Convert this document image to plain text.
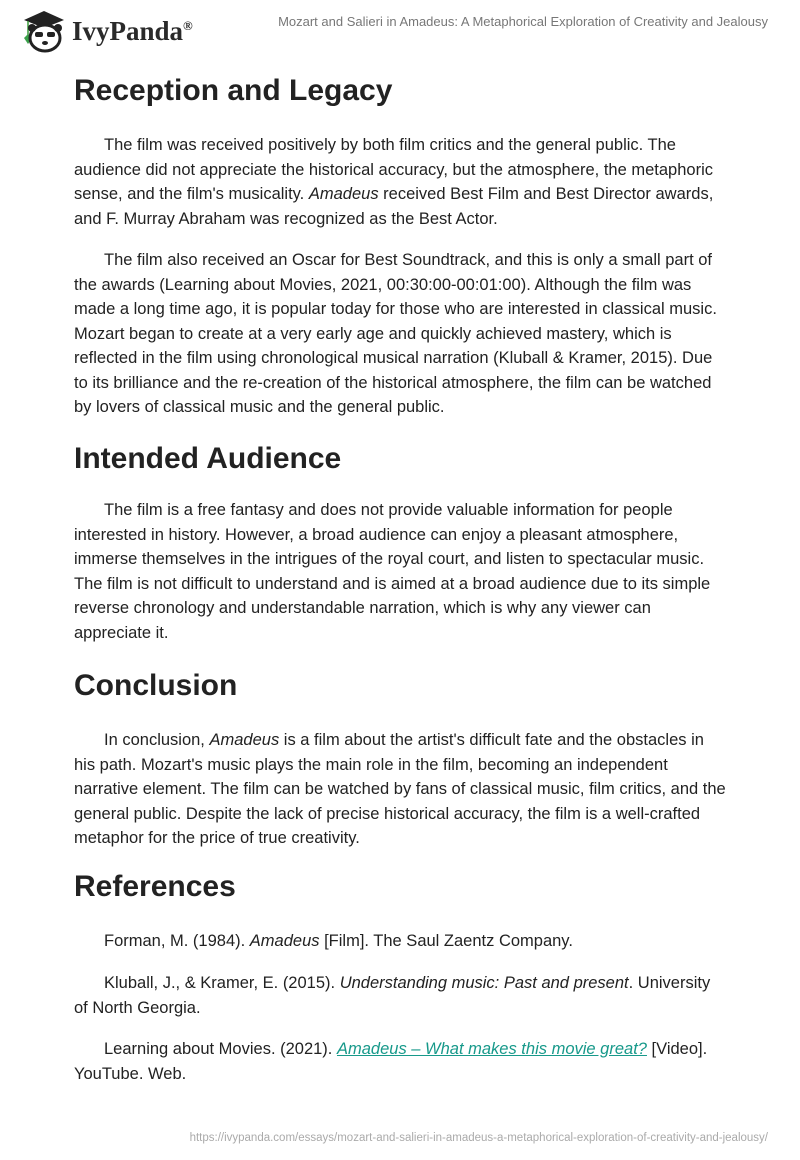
IvyPanda®	Mozart and Salieri in Amadeus: A Metaphorical Exploration of Creativity and Jealousy
Reception and Legacy

The film was received positively by both film critics and the general public. The audience did not appreciate the historical accuracy, but the atmosphere, the metaphoric sense, and the film's musicality. Amadeus received Best Film and Best Director awards, and F. Murray Abraham was recognized as the Best Actor.

The film also received an Oscar for Best Soundtrack, and this is only a small part of the awards (Learning about Movies, 2021, 00:30:00-00:01:00). Although the film was made a long time ago, it is popular today for those who are interested in classical music. Mozart began to create at a very early age and quickly achieved mastery, which is reflected in the film using chronological musical narration (Kluball & Kramer, 2015). Due to its brilliance and the re-creation of the historical atmosphere, the film can be watched by lovers of classical music and the general public.

Intended Audience

The film is a free fantasy and does not provide valuable information for people interested in history. However, a broad audience can enjoy a pleasant atmosphere, immerse themselves in the intrigues of the royal court, and listen to spectacular music. The film is not difficult to understand and is aimed at a broad audience due to its simple reverse chronology and understandable narration, which is why any viewer can appreciate it.

Conclusion

In conclusion, Amadeus is a film about the artist's difficult fate and the obstacles in his path. Mozart's music plays the main role in the film, becoming an independent narrative element. The film can be watched by fans of classical music, film critics, and the general public. Despite the lack of precise historical accuracy, the film is a well-crafted metaphor for the price of true creativity.

References

Forman, M. (1984). Amadeus [Film]. The Saul Zaentz Company.

Kluball, J., & Kramer, E. (2015). Understanding music: Past and present. University of North Georgia.

Learning about Movies. (2021). Amadeus – What makes this movie great? [Video]. YouTube. Web.

https://ivypanda.com/essays/mozart-and-salieri-in-amadeus-a-metaphorical-exploration-of-creativity-and-jealousy/
